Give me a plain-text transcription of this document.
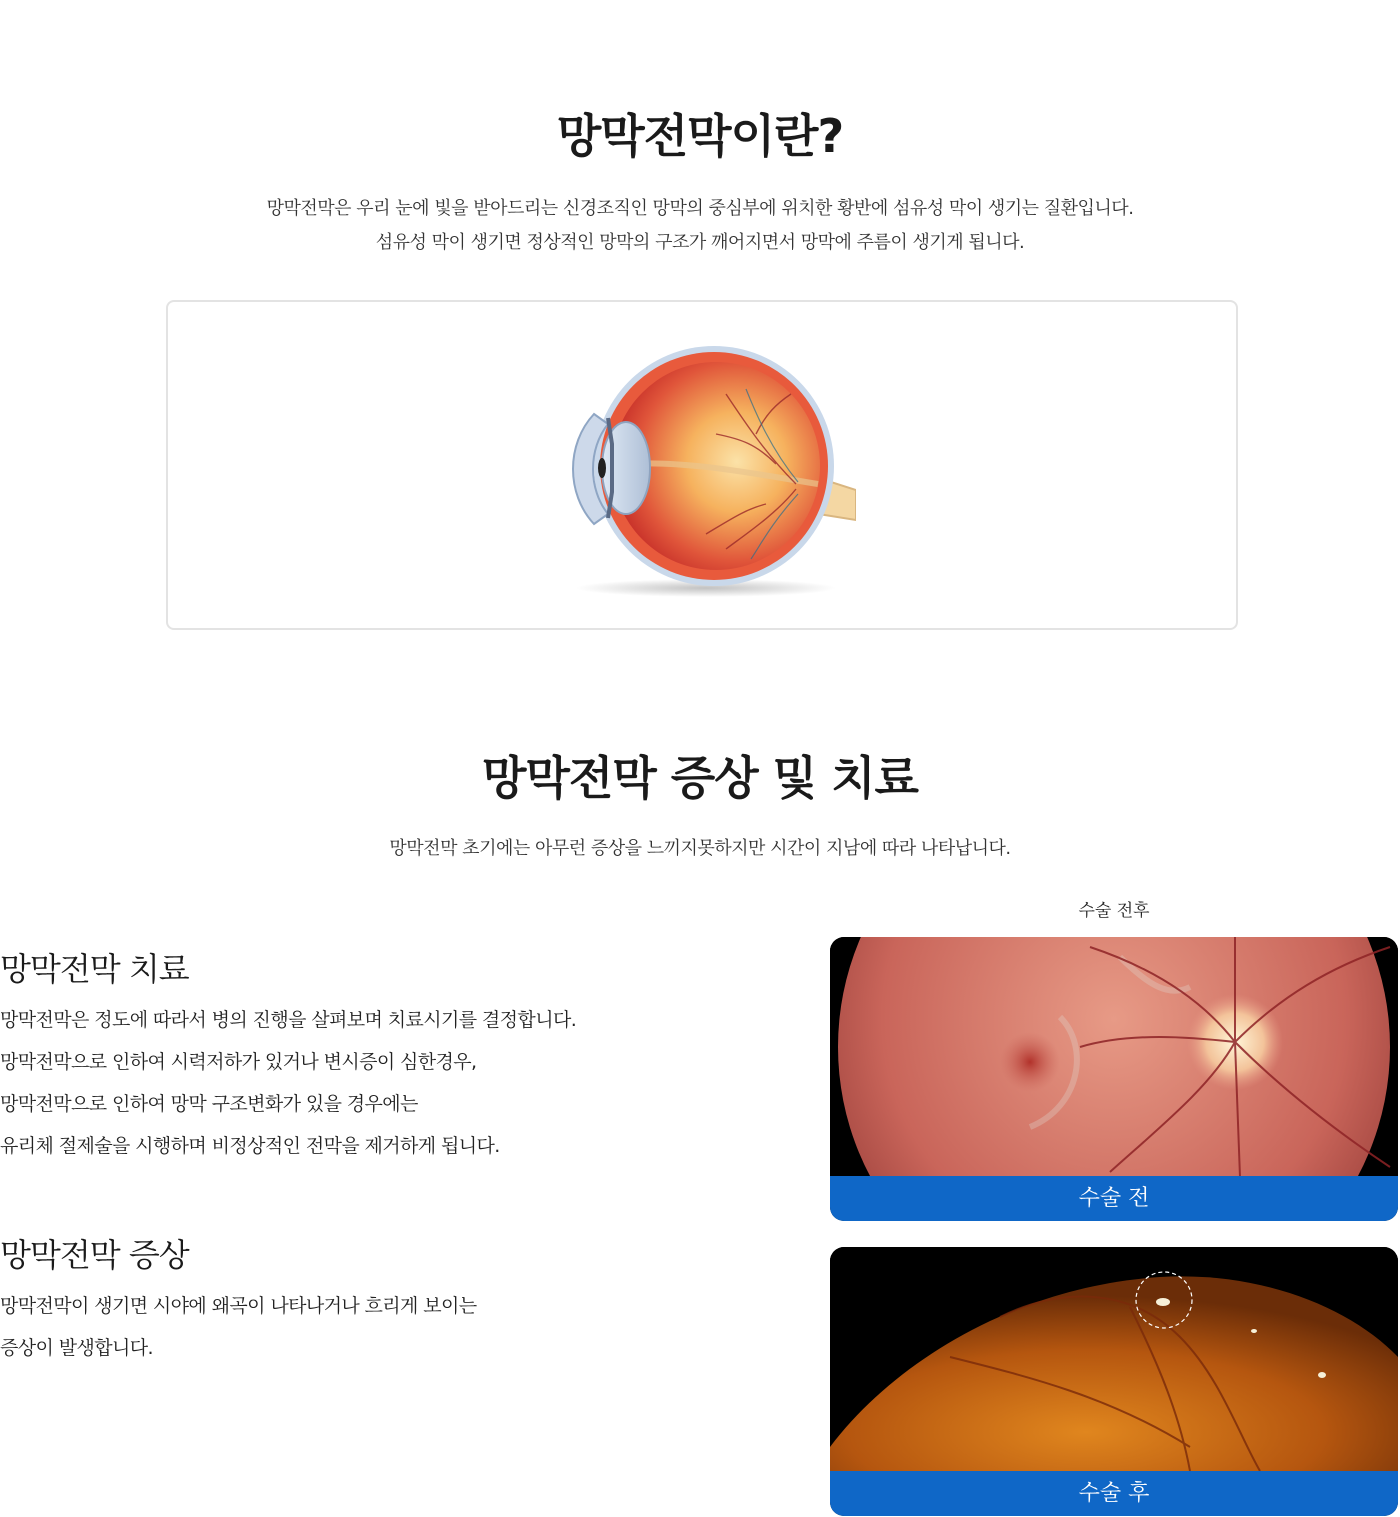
망막전막이란?

망막전막은 우리 눈에 빛을 받아드리는 신경조직인 망막의 중심부에 위치한 황반에 섬유성 막이 생기는 질환입니다.

섬유성 막이 생기면 정상적인 망막의 구조가 깨어지면서 망막에 주름이 생기게 됩니다.

망막전막 증상 및 치료

망막전막 초기에는 아무런 증상을 느끼지못하지만 시간이 지남에 따라 나타납니다.

망막전막 치료
망막전막은 정도에 따라서 병의 진행을 살펴보며 치료시기를 결정합니다.
망막전막으로 인하여 시력저하가 있거나 변시증이 심한경우,
망막전막으로 인하여 망막 구조변화가 있을 경우에는
유리체 절제술을 시행하며 비정상적인 전막을 제거하게 됩니다.
망막전막 증상
망막전막이 생기면 시야에 왜곡이 나타나거나 흐리게 보이는
증상이 발생합니다.
수술 전후
수술 전
수술 후
